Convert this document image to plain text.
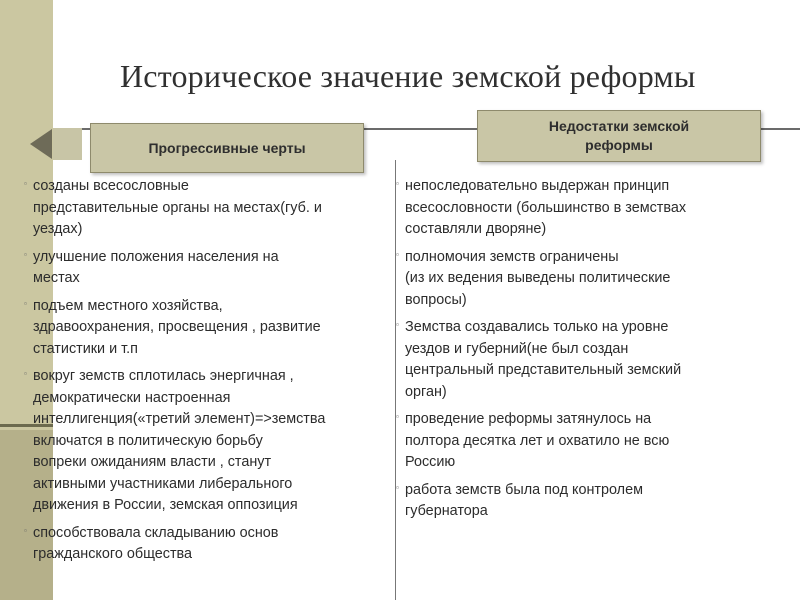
Историческое значение земской реформы
Прогрессивные черты
Недостатки земской
реформы
▫ созданы всесословные
представительные органы на местах(губ. и
уездах)
▫ улучшение положения населения на
местах
▫ подъем местного хозяйства,
здравоохранения, просвещения , развитие
статистики и т.п
▫ вокруг земств сплотилась энергичная ,
демократически настроенная
интеллигенция(«третий элемент)=>земства
включатся в политическую борьбу
вопреки ожиданиям власти , станут
активными участниками либерального
движения в России, земская оппозиция
▫ способствовала складыванию основ
гражданского общества
▫ непоследовательно выдержан принцип
всесословности (большинство в земствах
составляли дворяне)
▫ полномочия земств ограничены
(из их ведения выведены политические
вопросы)
▫ Земства создавались только на уровне
уездов и губерний(не был создан
центральный представительный земский
орган)
▫ проведение реформы затянулось на
полтора десятка лет и охватило не всю
Россию
▫ работа земств была под контролем
губернатора
